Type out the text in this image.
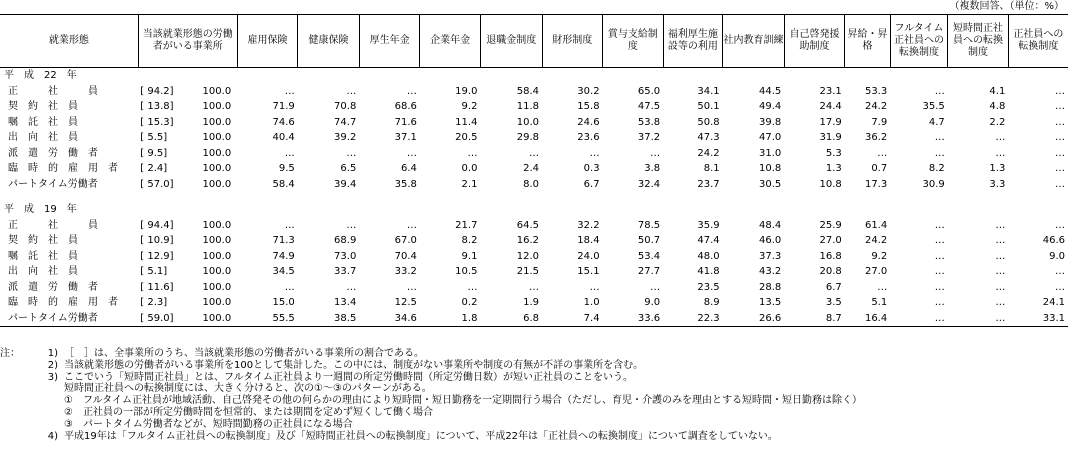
（複数回答、（単位：%）
就業形態	当該就業形態の労働者がいる事業所		雇用保険	健康保険	厚生年金	企業年金	退職金制度	財形制度	賞与支給制度	福利厚生施設等の利用	社内教育訓練	自己啓発援助制度	昇給・昇格	フルタイム正社員への転換制度	短時間正社員への転換制度	正社員への転換制度
平　成　22　年																
正　　　社　　　員	[ 94.2]	100.0	…	…	…	19.0	58.4	30.2	65.0	34.1	44.5	23.1	53.3	…	4.1	…
契　約　社　員	[ 13.8]	100.0	71.9	70.8	68.6	9.2	11.8	15.8	47.5	50.1	49.4	24.4	24.2	35.5	4.8	…
嘱　託　社　員	[ 15.3]	100.0	74.6	74.7	71.6	11.4	10.0	24.6	53.8	50.8	39.8	17.9	7.9	4.7	2.2	…
出　向　社　員	[ 5.5]	100.0	40.4	39.2	37.1	20.5	29.8	23.6	37.2	47.3	47.0	31.9	36.2	…	…	…
派　遣　労　働　者	[ 9.5]	100.0	…	…	…	…	…	…	…	24.2	31.0	5.3	…	…	…	…
臨　時　的　雇　用　者	[ 2.4]	100.0	9.5	6.5	6.4	0.0	2.4	0.3	3.8	8.1	10.8	1.3	0.7	8.2	1.3	…
パートタイム労働者	[ 57.0]	100.0	58.4	39.4	35.8	2.1	8.0	6.7	32.4	23.7	30.5	10.8	17.3	30.9	3.3	…

平　成　19　年																
正　　　社　　　員	[ 94.4]	100.0	…	…	…	21.7	64.5	32.2	78.5	35.9	48.4	25.9	61.4	…	…	…
契　約　社　員	[ 10.9]	100.0	71.3	68.9	67.0	8.2	16.2	18.4	50.7	47.4	46.0	27.0	24.2	…	…	46.6
嘱　託　社　員	[ 12.9]	100.0	74.9	73.0	70.4	9.1	12.0	24.0	53.4	48.0	37.3	16.8	9.2	…	…	9.0
出　向　社　員	[ 5.1]	100.0	34.5	33.7	33.2	10.5	21.5	15.1	27.7	41.8	43.2	20.8	27.0	…	…	…
派　遣　労　働　者	[ 11.6]	100.0	…	…	…	…	…	…	…	23.5	28.8	6.7	…	…	…	…
臨　時　的　雇　用　者	[ 2.3]	100.0	15.0	13.4	12.5	0.2	1.9	1.0	9.0	8.9	13.5	3.5	5.1	…	…	24.1
パートタイム労働者	[ 59.0]	100.0	55.5	38.5	34.6	1.8	6.8	7.4	33.6	22.3	26.6	8.7	16.4	…	…	33.1
注：	1) ［　］は、全事業所のうち、当該就業形態の労働者がいる事業所の割合である。
2) 当該就業形態の労働者がいる事業所を100として集計した。この中には、制度がない事業所や制度の有無が不詳の事業所を含む。
3) ここでいう「短時間正社員」とは、フルタイム正社員より一週間の所定労働時間（所定労働日数）が短い正社員のことをいう。
短時間正社員への転換制度には、大きく分けると、次の①～③のパターンがある。
①　フルタイム正社員が地域活動、自己啓発その他の何らかの理由により短時間・短日勤務を一定期間行う場合（ただし、育児・介護のみを理由とする短時間・短日勤務は除く）
②　正社員の一部が所定労働時間を恒常的、または期間を定めず短くして働く場合
③　パートタイム労働者などが、短時間勤務の正社員になる場合
4) 平成19年は「フルタイム正社員への転換制度」及び「短時間正社員への転換制度」について、平成22年は「正社員への転換制度」について調査をしていない。
